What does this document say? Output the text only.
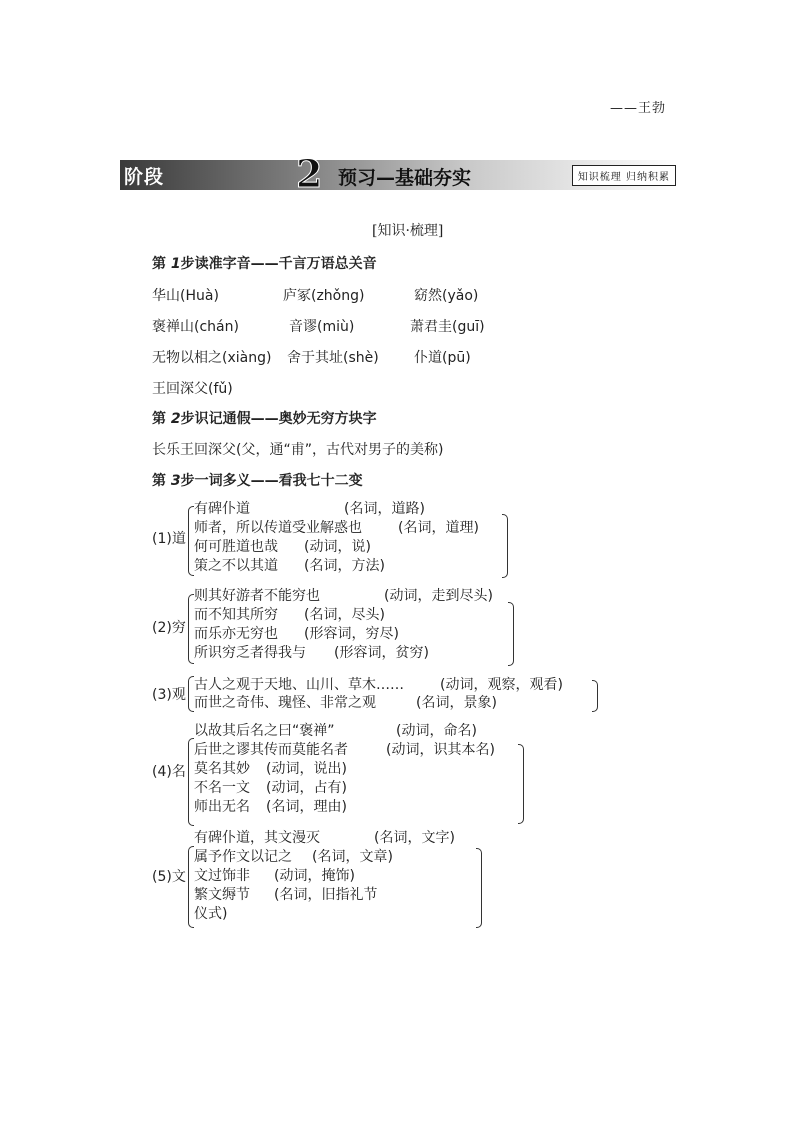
——王勃
阶段	2 预习—基础夯实	知识梳理 归纳积累
[知识·梳理]
第 1步读准字音——千言万语总关音
华山(Huà)	庐冢(zhǒng)	窈然(yǎo)
褒禅山(chán)	音谬(miù)	萧君圭(guī)
无物以相之(xiàng) 舍于其址(shè)	仆道(pū)
王回深父(fǔ)
第 2步识记通假——奥妙无穷方块字
长乐王回深父(父，通“甫”，古代对男子的美称)
第 3步一词多义——看我七十二变
(1)道
有碑仆道	(名词，道路)
师者，所以传道受业解惑也	(名词，道理)
何可胜道也哉 (动词，说)
策之不以其道 (名词，方法)
(2)穷
则其好游者不能穷也	(动词，走到尽头)
而不知其所穷 (名词，尽头)
而乐亦无穷也 (形容词，穷尽)
所识穷乏者得我与 (形容词，贫穷)
(3)观
古人之观于天地、山川、草木……	(动词，观察，观看)
而世之奇伟、瑰怪、非常之观	(名词，景象)
(4)名
以故其后名之曰“褒禅”	(动词，命名)
后世之谬其传而莫能名者	(动词，识其本名)
莫名其妙 (动词，说出)
不名一文 (动词，占有)
师出无名 (名词，理由)
(5)文
有碑仆道，其文漫灭	(名词，文字)
属予作文以记之 (名词，文章)
文过饰非 (动词，掩饰)
繁文缛节 (名词，旧指礼节
仪式)
